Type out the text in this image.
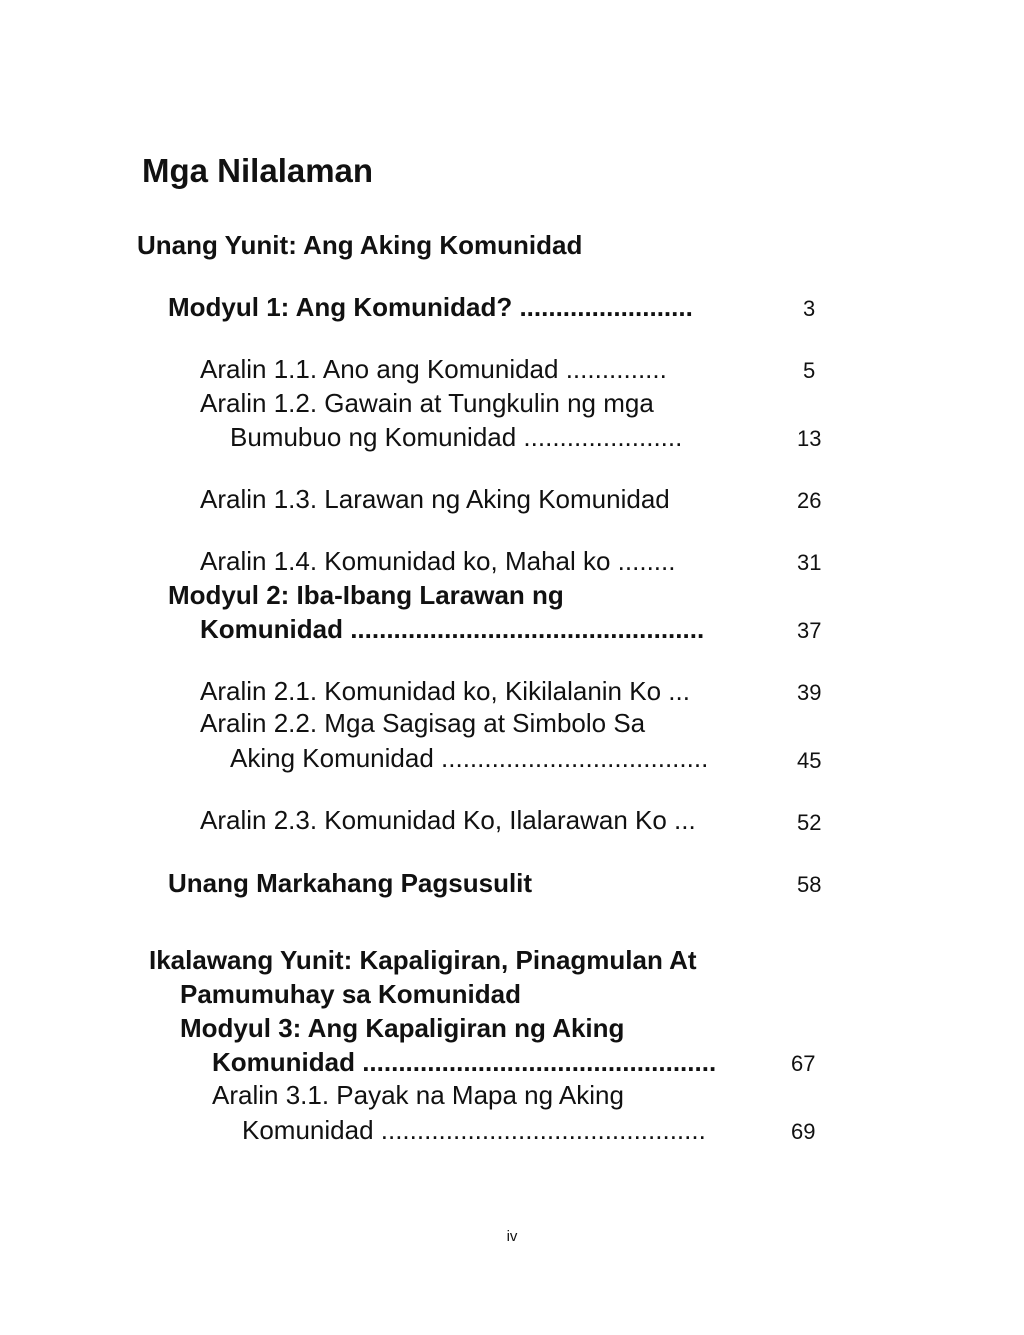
Mga Nilalaman
Unang Yunit: Ang Aking Komunidad
Modyul 1: Ang Komunidad? ........................	3
Aralin 1.1. Ano ang Komunidad ..............	5
Aralin 1.2. Gawain at Tungkulin ng mga
Bumubuo ng Komunidad ......................	13
Aralin 1.3. Larawan ng Aking Komunidad	26
Aralin 1.4. Komunidad ko, Mahal ko ........	31
Modyul 2: Iba-Ibang Larawan ng
Komunidad .................................................	37
Aralin 2.1. Komunidad ko, Kikilalanin Ko ...	39
Aralin 2.2. Mga Sagisag at Simbolo Sa
Aking Komunidad .....................................	45
Aralin 2.3. Komunidad Ko, Ilalarawan Ko ...	52
Unang Markahang Pagsusulit	58
Ikalawang Yunit: Kapaligiran, Pinagmulan At
Pamumuhay sa Komunidad
Modyul 3: Ang Kapaligiran ng Aking
Komunidad .................................................	67
Aralin 3.1. Payak na Mapa ng Aking
Komunidad .............................................	69
iv
